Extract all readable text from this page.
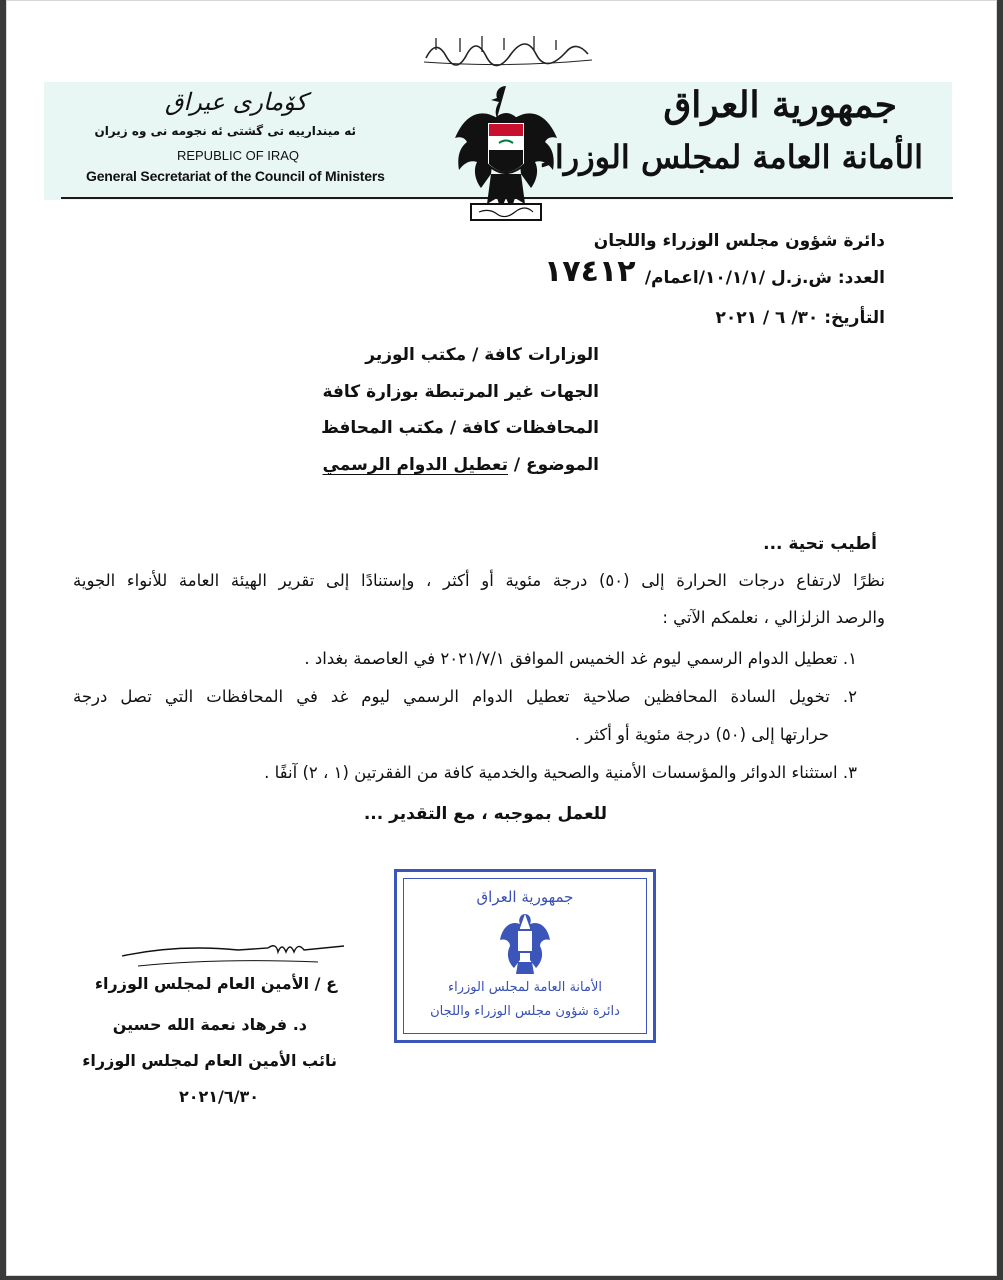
کۆماری عیراق
ئه میندارییه تی گشتی ئه نجومه نی وه زیران
REPUBLIC OF IRAQ
General Secretariat of the Council of Ministers
جمهورية العراق
الأمانة العامة لمجلس الوزراء
دائرة شؤون مجلس الوزراء واللجان
العدد: ش.ز.ل /١٠/١/١/اعمام/
١٧٤١٢
التأريخ: ٣٠/ ٦ / ٢٠٢١
الوزارات كافة / مكتب الوزير
الجهات غير المرتبطة بوزارة كافة
المحافظات كافة / مكتب المحافظ
الموضوع / تعطيل الدوام الرسمي
أطيب تحية ...
نظرًا لارتفاع درجات الحرارة إلى (٥٠) درجة مئوية أو أكثر ، وإستنادًا إلى تقرير الهيئة العامة للأنواء الجوية
والرصد الزلزالي ، نعلمكم الآتي :
١. تعطيل الدوام الرسمي ليوم غد الخميس الموافق ٢٠٢١/٧/١ في العاصمة بغداد .
٢. تخويل السادة المحافظين صلاحية تعطيل الدوام الرسمي ليوم غد في المحافظات التي تصل درجة
حرارتها إلى (٥٠) درجة مئوية أو أكثر .
٣. استثناء الدوائر والمؤسسات الأمنية والصحية والخدمية كافة من الفقرتين (١ ، ٢) آنفًا .
للعمل بموجبه ، مع التقدير ...
جمهورية العراق
الأمانة العامة لمجلس الوزراء
دائرة شؤون مجلس الوزراء واللجان
ع / الأمين العام لمجلس الوزراء
د. فرهاد نعمة الله حسين
نائب الأمين العام لمجلس الوزراء
٢٠٢١/٦/٣٠
